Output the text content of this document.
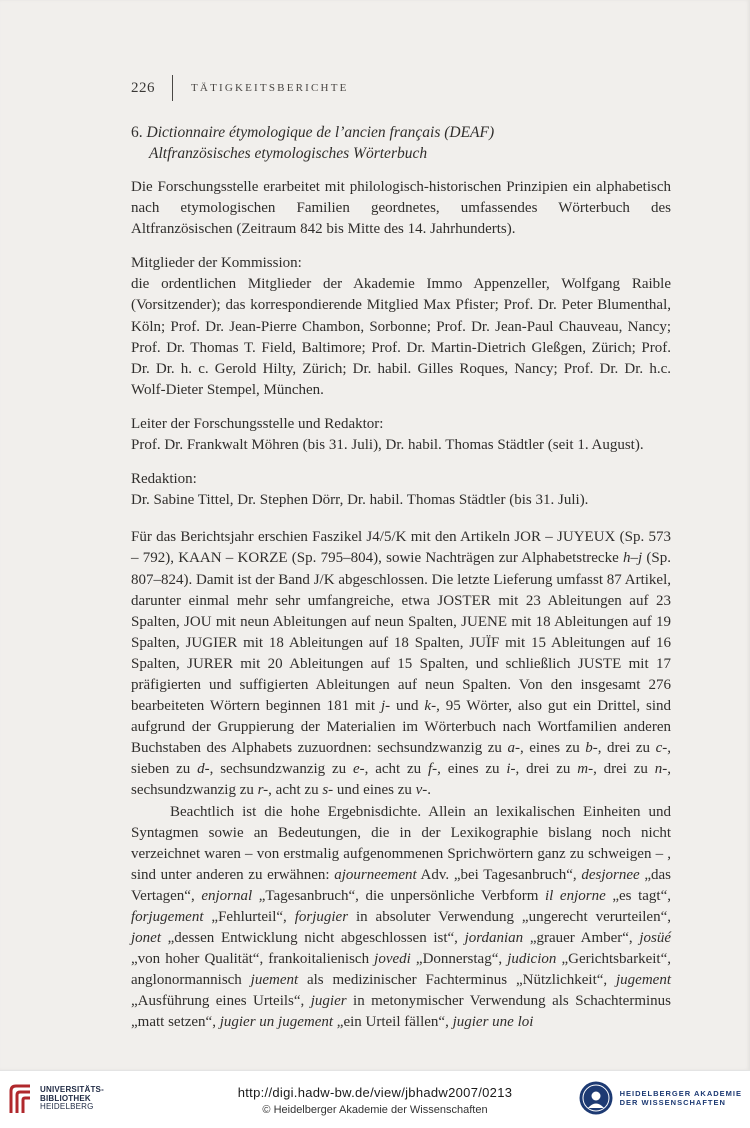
226	TÄTIGKEITSBERICHTE

6. Dictionnaire étymologique de l’ancien français (DEAF)
Altfranzösisches etymologisches Wörterbuch

Die Forschungsstelle erarbeitet mit philologisch-historischen Prinzipien ein alphabetisch nach etymologischen Familien geordnetes, umfassendes Wörterbuch des Altfranzösischen (Zeitraum 842 bis Mitte des 14. Jahrhunderts).

Mitglieder der Kommission:

die ordentlichen Mitglieder der Akademie Immo Appenzeller, Wolfgang Raible (Vorsitzender); das korrespondierende Mitglied Max Pfister; Prof. Dr. Peter Blumenthal, Köln; Prof. Dr. Jean-Pierre Chambon, Sorbonne; Prof. Dr. Jean-Paul Chauveau, Nancy; Prof. Dr. Thomas T. Field, Baltimore; Prof. Dr. Martin-Dietrich Gleßgen, Zürich; Prof. Dr. Dr. h. c. Gerold Hilty, Zürich; Dr. habil. Gilles Roques, Nancy; Prof. Dr. Dr. h.c. Wolf-Dieter Stempel, München.

Leiter der Forschungsstelle und Redaktor:

Prof. Dr. Frankwalt Möhren (bis 31. Juli), Dr. habil. Thomas Städtler (seit 1. August).

Redaktion:

Dr. Sabine Tittel, Dr. Stephen Dörr, Dr. habil. Thomas Städtler (bis 31. Juli).

Für das Berichtsjahr erschien Faszikel J4/5/K mit den Artikeln JOR – JUYEUX (Sp. 573 – 792), KAAN – KORZE (Sp. 795–804), sowie Nachträgen zur Alphabetstrecke h–j (Sp. 807–824). Damit ist der Band J/K abgeschlossen. Die letzte Lieferung umfasst 87 Artikel, darunter einmal mehr sehr umfangreiche, etwa JOSTER mit 23 Ableitungen auf 23 Spalten, JOU mit neun Ableitungen auf neun Spalten, JUENE mit 18 Ableitungen auf 19 Spalten, JUGIER mit 18 Ableitungen auf 18 Spalten, JUÏF mit 15 Ableitungen auf 16 Spalten, JURER mit 20 Ableitungen auf 15 Spalten, und schließlich JUSTE mit 17 präfigierten und suffigierten Ableitungen auf neun Spalten. Von den insgesamt 276 bearbeiteten Wörtern beginnen 181 mit j- und k-, 95 Wörter, also gut ein Drittel, sind aufgrund der Gruppierung der Materialien im Wörterbuch nach Wortfamilien anderen Buchstaben des Alphabets zuzuordnen: sechsundzwanzig zu a-, eines zu b-, drei zu c-, sieben zu d-, sechsundzwanzig zu e-, acht zu f-, eines zu i-, drei zu m-, drei zu n-, sechsundzwanzig zu r-, acht zu s- und eines zu v-.

Beachtlich ist die hohe Ergebnisdichte. Allein an lexikalischen Einheiten und Syntagmen sowie an Bedeutungen, die in der Lexikographie bislang noch nicht verzeichnet waren – von erstmalig aufgenommenen Sprichwörtern ganz zu schweigen – , sind unter anderen zu erwähnen: ajourneement Adv. „bei Tagesanbruch“, desjornee „das Vertagen“, enjornal „Tagesanbruch“, die unpersönliche Verbform il enjorne „es tagt“, forjugement „Fehlurteil“, forjugier in absoluter Verwendung „ungerecht verurteilen“, jonet „dessen Entwicklung nicht abgeschlossen ist“, jordanian „grauer Amber“, josüé „von hoher Qualität“, frankoitalienisch jovedi „Donnerstag“, judicion „Gerichtsbarkeit“, anglonormannisch juement als medizinischer Fachterminus „Nützlichkeit“, jugement „Ausführung eines Urteils“, jugier in metonymischer Verwendung als Schachterminus „matt setzen“, jugier un jugement „ein Urteil fällen“, jugier une loi

UNIVERSITÄTS-
BIBLIOTHEK
HEIDELBERG
http://digi.hadw-bw.de/view/jbhadw2007/0213
© Heidelberger Akademie der Wissenschaften
HEIDELBERGER AKADEMIE
DER WISSENSCHAFTEN
